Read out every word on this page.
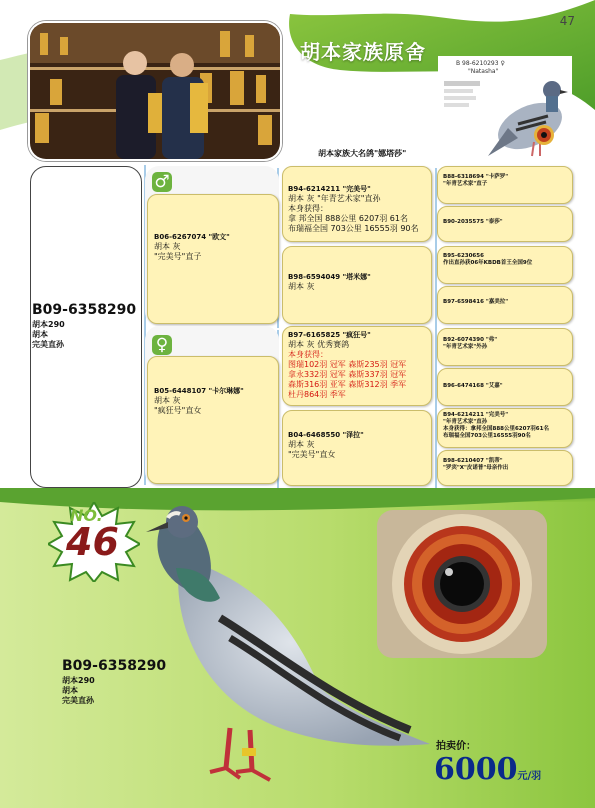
47
胡本家族原舍	B 98-6210293 ♀
"Natasha"
胡本家族大名鸽"娜塔莎"
B09-6358290
胡本290
胡本
完美直孙
♂
B06-6267074 "欧文"
胡本 灰
"完美号"直子
♀
B05-6448107 "卡尔琳娜"
胡本 灰
"疯狂号"直女
B94-6214211 "完美号"
胡本 灰 "年青艺术家"直孙
本身获得：
拿 邦全国 888公里 6207羽 61名
布瑞福全国 703公里 16555羽 90名
B98-6594049 "塔米娜"
胡本 灰
B97-6165825 "疯狂号"
胡本 灰 优秀赛鸽
本身获得：
图瑞102羽 冠军 森斯235羽 冠军
拿永332羽 冠军 森斯337羽 冠军
森斯316羽 亚军 森斯312羽 季军
杜丹864羽 季军
B04-6468550 "泽拉"
胡本 灰
"完美号"直女
B88-6318694 "卡萨罗"
"年青艺术家"直子
B90-2035575 "泰莎"
B95-6230656
作出直孙获06年KBDB首王全国9位
B97-6598416 "嘉美拉"
B92-6074390 "弗"
"年青艺术家"外孙
B96-6474168 "艾嘉"
B94-6214211 "完美号"
"年青艺术家"直孙
本身获得：拿邦全国888公里6207羽61名
布瑞福全国703公里16555羽90名
B98-6210407 "凯蒂"
"罗宾"X"皮诺普"母亲作出
NO.
46
B09-6358290
胡本290
胡本
完美直孙
拍卖价：
6000元/羽
